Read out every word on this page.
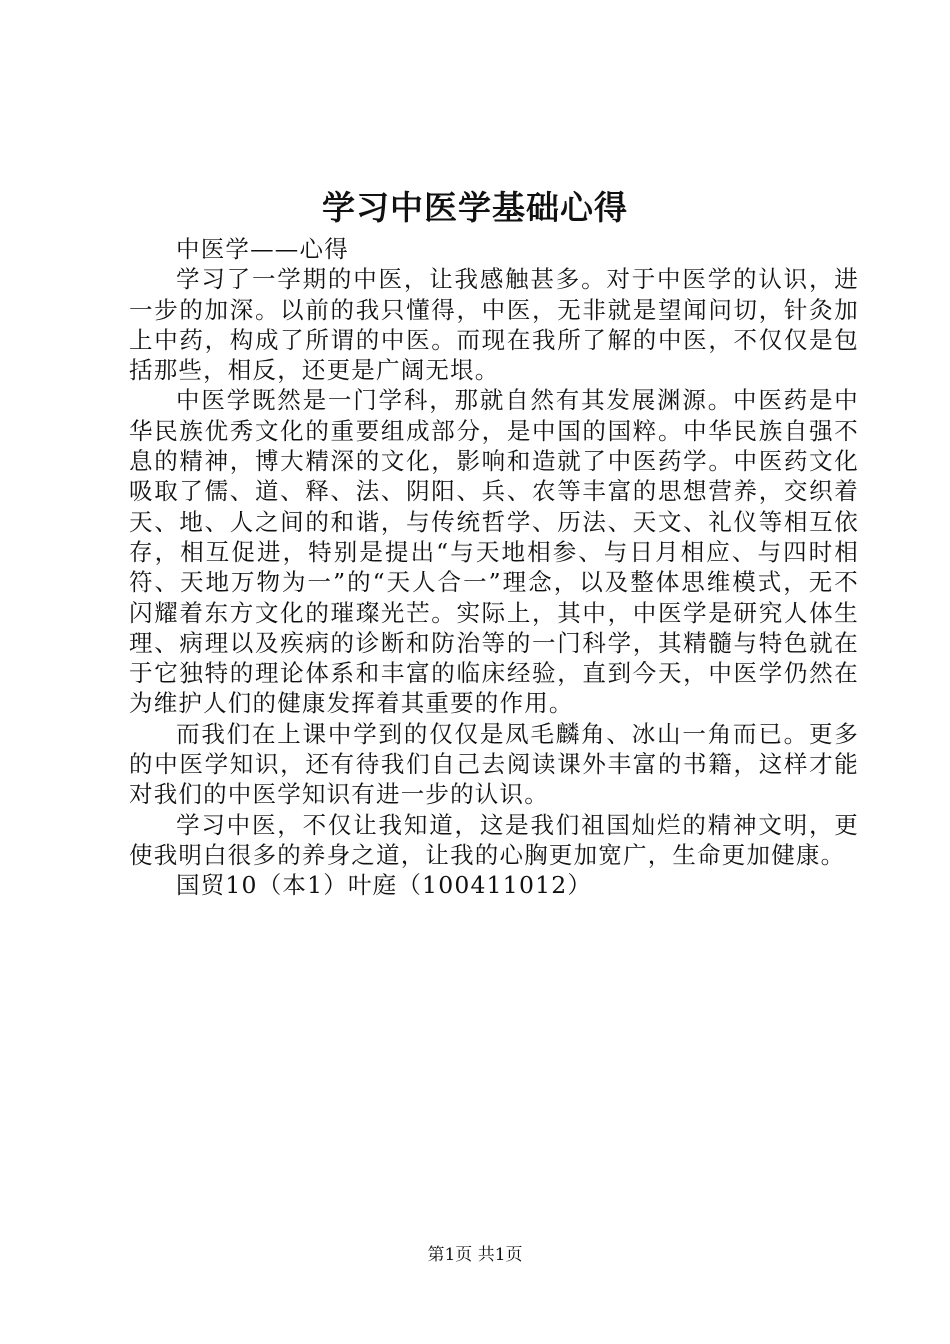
学习中医学基础心得

中医学——心得

学习了一学期的中医，让我感触甚多。对于中医学的认识，进一步的加深。以前的我只懂得，中医，无非就是望闻问切，针灸加上中药，构成了所谓的中医。而现在我所了解的中医，不仅仅是包括那些，相反，还更是广阔无垠。

中医学既然是一门学科，那就自然有其发展渊源。中医药是中华民族优秀文化的重要组成部分，是中国的国粹。中华民族自强不息的精神，博大精深的文化，影响和造就了中医药学。中医药文化吸取了儒、道、释、法、阴阳、兵、农等丰富的思想营养，交织着天、地、人之间的和谐，与传统哲学、历法、天文、礼仪等相互依存，相互促进，特别是提出“与天地相参、与日月相应、与四时相符、天地万物为一”的“天人合一”理念，以及整体思维模式，无不闪耀着东方文化的璀璨光芒。实际上，其中，中医学是研究人体生理、病理以及疾病的诊断和防治等的一门科学，其精髓与特色就在于它独特的理论体系和丰富的临床经验，直到今天，中医学仍然在为维护人们的健康发挥着其重要的作用。

而我们在上课中学到的仅仅是凤毛麟角、冰山一角而已。更多的中医学知识，还有待我们自己去阅读课外丰富的书籍，这样才能对我们的中医学知识有进一步的认识。

学习中医，不仅让我知道，这是我们祖国灿烂的精神文明，更使我明白很多的养身之道，让我的心胸更加宽广，生命更加健康。

国贸10（本1）叶庭（100411012）

第1页 共1页
